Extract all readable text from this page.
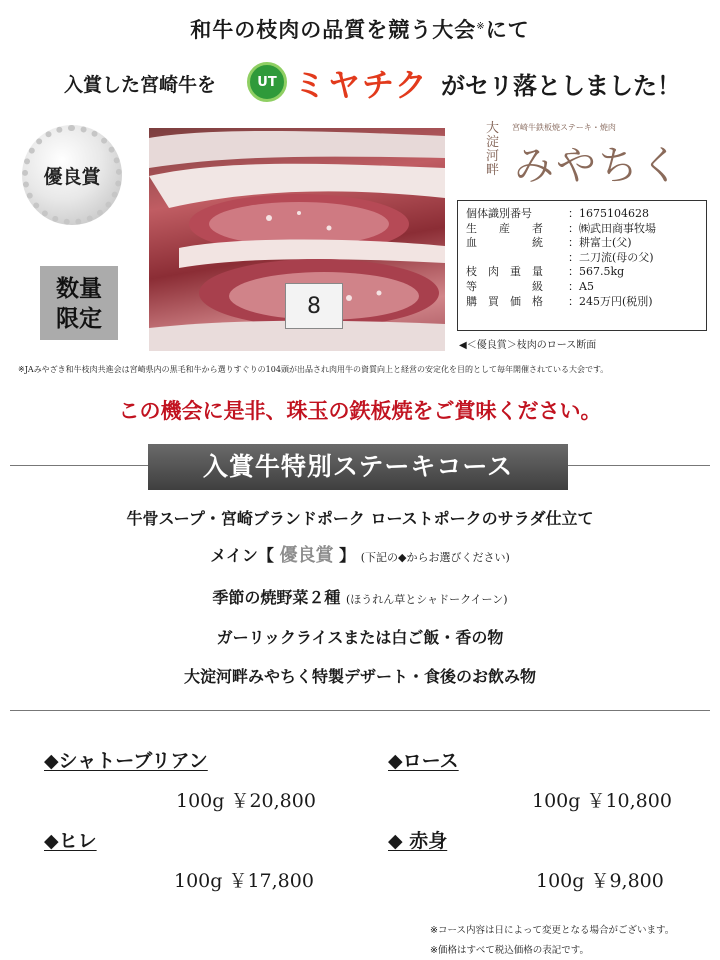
和牛の枝肉の品質を競う大会※にて
入賞した宮崎牛を	UT ミヤチク がセリ落としました！
優良賞
数量
限定	8
大淀河畔
宮崎牛鉄板焼ステーキ・焼肉
みやちく
個体識別番号	：1675104628
生　　産　　者	：㈱武田商事牧場
血　　　　　統	：耕富士(父)
：二刀流(母の父)
枝　肉　重　量	：567.5kg
等　　　　　級	：A5
購　買　価　格	：245万円(税別)
◀＜優良賞＞枝肉のロース断面
※JAみやざき和牛枝肉共進会は宮崎県内の黒毛和牛から選りすぐりの104頭が出品され肉用牛の資質向上と経営の安定化を目的として毎年開催されている大会です。
この機会に是非、珠玉の鉄板焼をご賞味ください。
入賞牛特別ステーキコース
牛骨スープ・宮崎ブランドポーク ローストポークのサラダ仕立て
メイン【 優良賞 】 (下記の◆からお選びください)
季節の焼野菜２種 (ほうれん草とシャドークイーン)
ガーリックライスまたは白ご飯・香の物
大淀河畔みやちく特製デザート・食後のお飲み物
◆シャトーブリアン
100g ￥20,800
◆ロース
100g ￥10,800
◆ヒレ
100g ￥17,800
◆ 赤身
100g ￥9,800
※コース内容は日によって変更となる場合がございます。
※価格はすべて税込価格の表記です。
